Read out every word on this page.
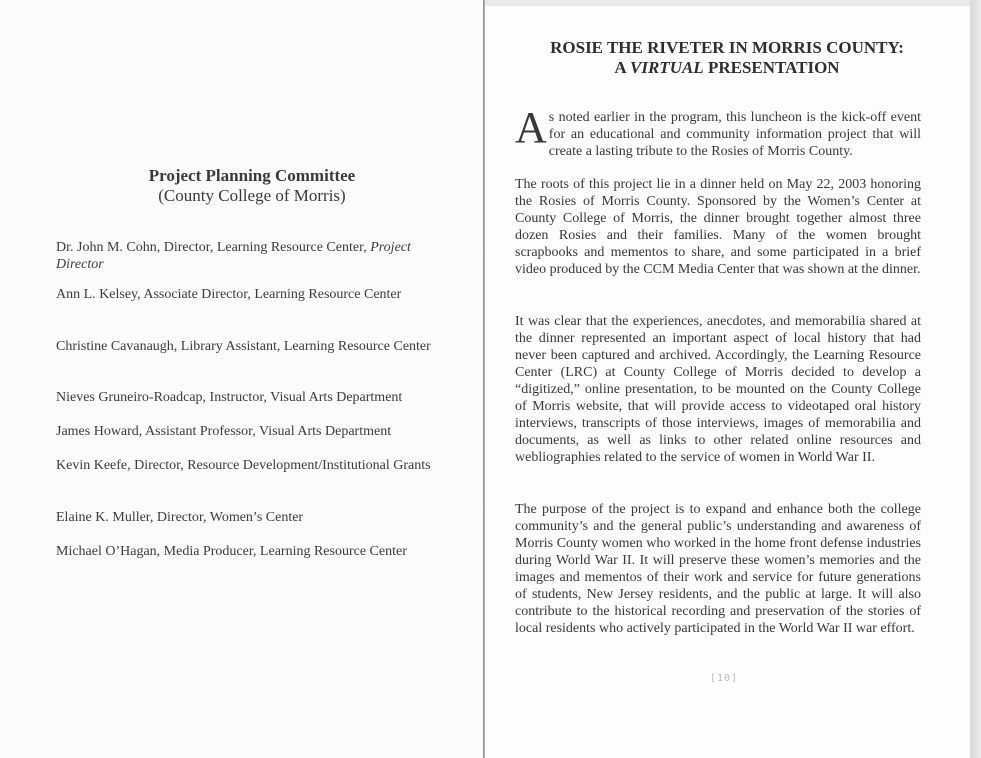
Project Planning Committee
(County College of Morris)
Dr. John M. Cohn, Director, Learning Resource Center, Project Director
Ann L. Kelsey, Associate Director, Learning Resource Center
Christine Cavanaugh, Library Assistant, Learning Resource Center
Nieves Gruneiro-Roadcap, Instructor, Visual Arts Department
James Howard, Assistant Professor, Visual Arts Department
Kevin Keefe, Director, Resource Development/Institutional Grants
Elaine K. Muller, Director, Women’s Center
Michael O’Hagan, Media Producer, Learning Resource Center
ROSIE THE RIVETER IN MORRIS COUNTY:
A VIRTUAL PRESENTATION
As noted earlier in the program, this luncheon is the kick-off event for an educational and community information project that will create a lasting tribute to the Rosies of Morris County.
The roots of this project lie in a dinner held on May 22, 2003 honoring the Rosies of Morris County. Sponsored by the Women’s Center at County College of Morris, the dinner brought together almost three dozen Rosies and their families. Many of the women brought scrapbooks and mementos to share, and some participated in a brief video produced by the CCM Media Center that was shown at the dinner.
It was clear that the experiences, anecdotes, and memorabilia shared at the dinner represented an important aspect of local history that had never been captured and archived. Accordingly, the Learning Resource Center (LRC) at County College of Morris decided to develop a “digitized,” online presentation, to be mounted on the County College of Morris website, that will provide access to videotaped oral history interviews, transcripts of those interviews, images of memorabilia and documents, as well as links to other related online resources and webliographies related to the service of women in World War II.
The purpose of the project is to expand and enhance both the college community’s and the general public’s understanding and awareness of Morris County women who worked in the home front defense industries during World War II. It will preserve these women’s memories and the images and mementos of their work and service for future generations of students, New Jersey residents, and the public at large. It will also contribute to the historical recording and preservation of the stories of local residents who actively participated in the World War II war effort.
[10]
